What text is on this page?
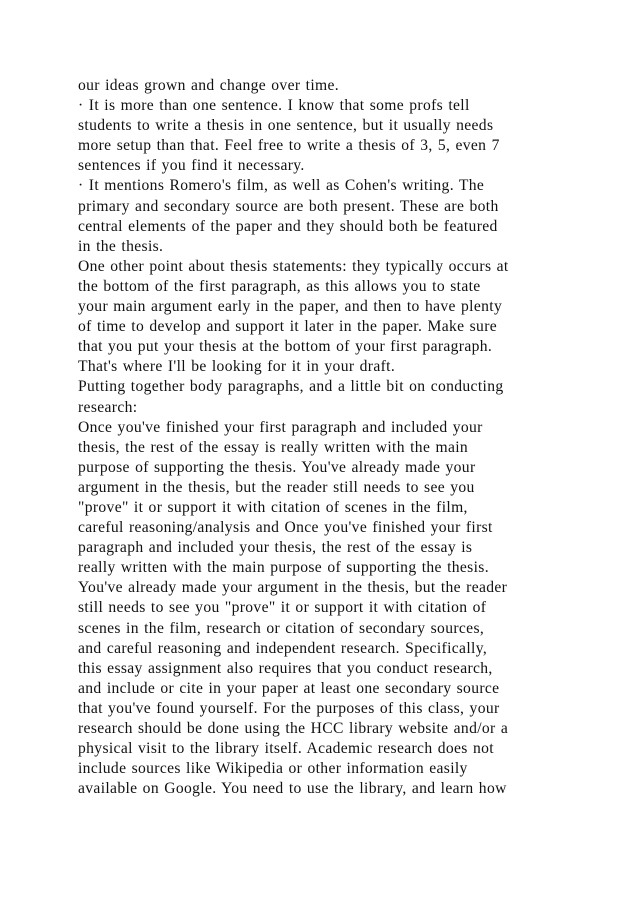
our ideas grown and change over time.
· It is more than one sentence. I know that some profs tell
students to write a thesis in one sentence, but it usually needs
more setup than that. Feel free to write a thesis of 3, 5, even 7
sentences if you find it necessary.
· It mentions Romero's film, as well as Cohen's writing. The
primary and secondary source are both present. These are both
central elements of the paper and they should both be featured
in the thesis.
One other point about thesis statements: they typically occurs at
the bottom of the first paragraph, as this allows you to state
your main argument early in the paper, and then to have plenty
of time to develop and support it later in the paper. Make sure
that you put your thesis at the bottom of your first paragraph.
That's where I'll be looking for it in your draft.
Putting together body paragraphs, and a little bit on conducting
research:
Once you've finished your first paragraph and included your
thesis, the rest of the essay is really written with the main
purpose of supporting the thesis. You've already made your
argument in the thesis, but the reader still needs to see you
"prove" it or support it with citation of scenes in the film,
careful reasoning/analysis and Once you've finished your first
paragraph and included your thesis, the rest of the essay is
really written with the main purpose of supporting the thesis.
You've already made your argument in the thesis, but the reader
still needs to see you "prove" it or support it with citation of
scenes in the film, research or citation of secondary sources,
and careful reasoning and independent research. Specifically,
this essay assignment also requires that you conduct research,
and include or cite in your paper at least one secondary source
that you've found yourself. For the purposes of this class, your
research should be done using the HCC library website and/or a
physical visit to the library itself. Academic research does not
include sources like Wikipedia or other information easily
available on Google. You need to use the library, and learn how
